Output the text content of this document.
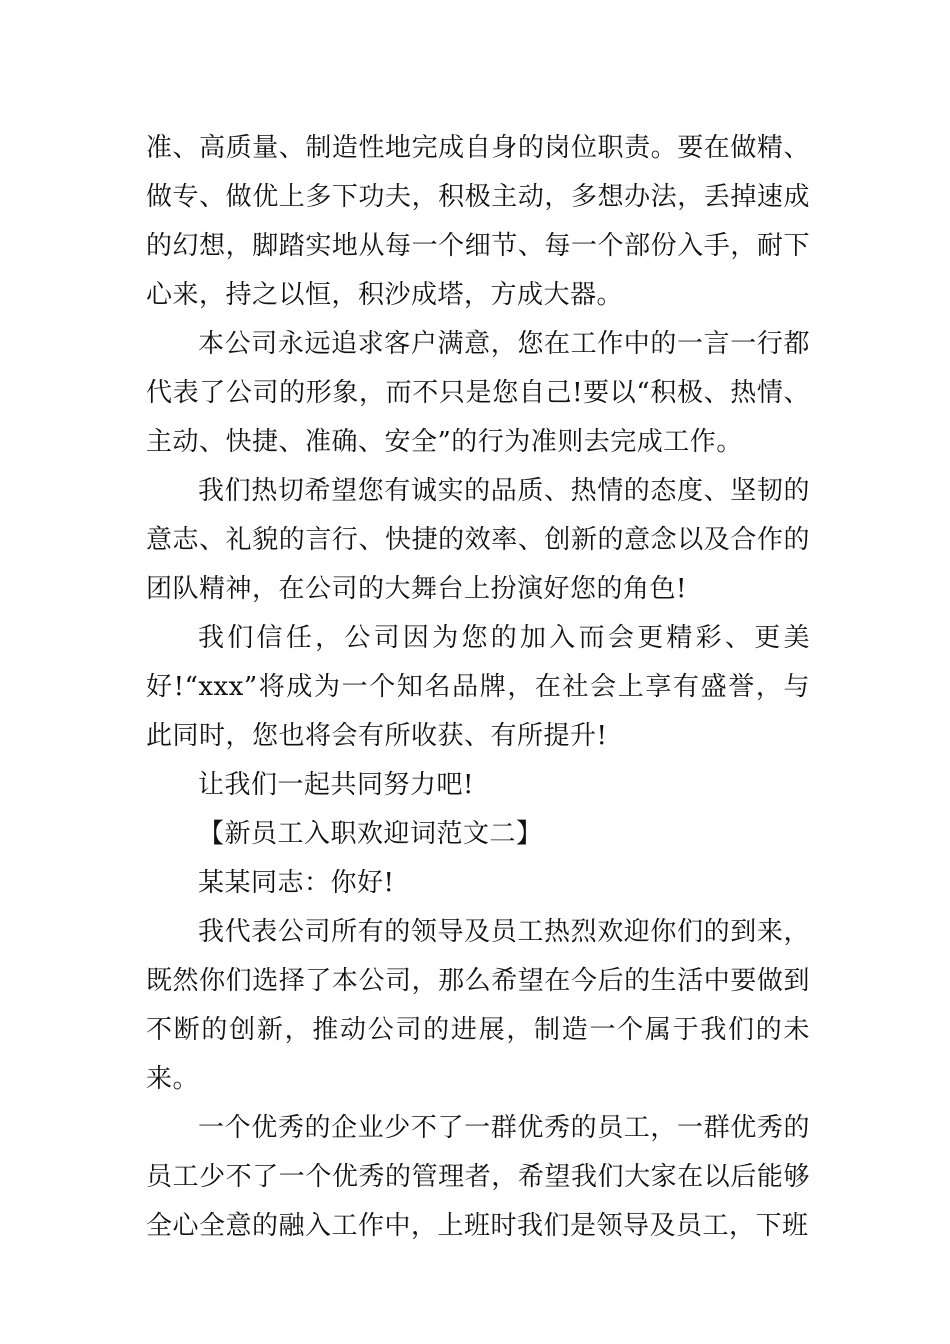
准、高质量、制造性地完成自身的岗位职责。要在做精、做专、做优上多下功夫，积极主动，多想办法，丢掉速成的幻想，脚踏实地从每一个细节、每一个部份入手，耐下心来，持之以恒，积沙成塔，方成大器。

本公司永远追求客户满意，您在工作中的一言一行都代表了公司的形象，而不只是您自己!要以“积极、热情、主动、快捷、准确、安全”的行为准则去完成工作。

我们热切希望您有诚实的品质、热情的态度、坚韧的意志、礼貌的言行、快捷的效率、创新的意念以及合作的团队精神，在公司的大舞台上扮演好您的角色!

我们信任，公司因为您的加入而会更精彩、更美好!“xxx”将成为一个知名品牌，在社会上享有盛誉，与此同时，您也将会有所收获、有所提升!

让我们一起共同努力吧!

【新员工入职欢迎词范文二】

某某同志：你好!

我代表公司所有的领导及员工热烈欢迎你们的到来，既然你们选择了本公司，那么希望在今后的生活中要做到不断的创新，推动公司的进展，制造一个属于我们的未来。

一个优秀的企业少不了一群优秀的员工，一群优秀的员工少不了一个优秀的管理者，希望我们大家在以后能够全心全意的融入工作中，上班时我们是领导及员工，下班
